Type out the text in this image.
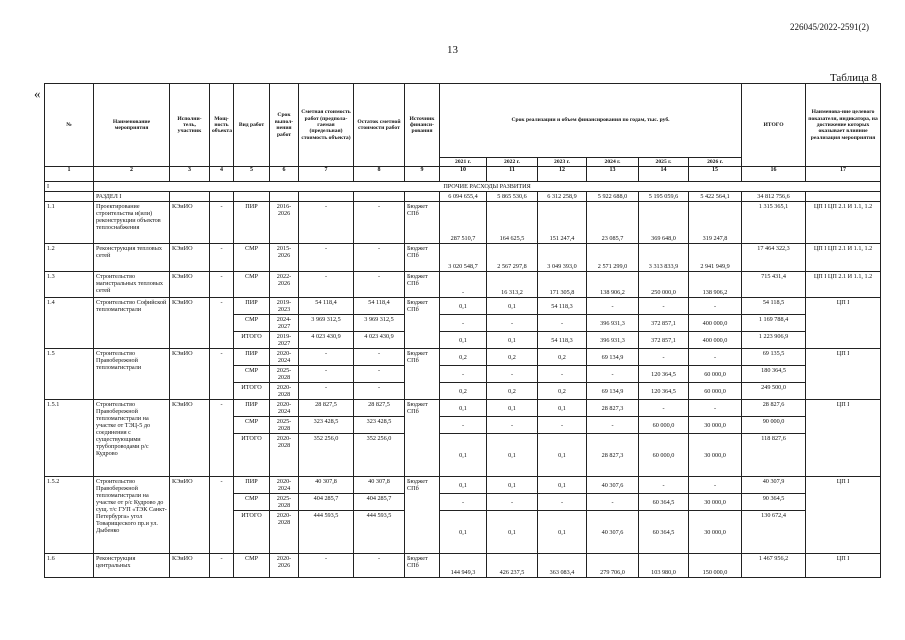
226045/2022-2591(2)
13
Таблица 8
«
№	Наименование мероприятия	Исполни-тель, участник	Мощ-ность объекта	Вид работ	Срок выпол-нения работ	Сметная стоимость работ (предпола-гаемая (предельная) стоимость объекта)	Остаток сметной стоимости работ	Источник финанси-рования	Срок реализации и объем финансирования по годам, тыс. руб.						ИТОГО	Наименова-ние целевого показателя, индикатора, на достижение которых оказывает влияние реализация мероприятия
									2021 г.	2022 г.	2023 г.	2024 г.	2025 г.	2026 г.		
1	2	3	4	5	6	7	8	9	10	11	12	13	14	15	16	17
I	ПРОЧИЕ РАСХОДЫ РАЗВИТИЯ															
	РАЗДЕЛ I								6 094 655,4	5 865 530,6	6 312 258,9	5 922 688,0	5 195 059,6	5 422 564,1	34 812 756,6	
1.1	Проектирование строительства и(или) реконструкции объектов теплоснабжения	КЭиИО	-	ПИР	2016-2026	-	-	Бюджет СПб	287 510,7	164 625,5	151 247,4	23 085,7	369 648,0	319 247,8	1 315 365,1	ЦП I ЦП 2.1 И 1.1, 1.2
1.2	Реконструкция тепловых сетей	КЭиИО	-	СМР	2015-2026	-	-	Бюджет СПб	3 020 548,7	2 567 297,8	3 049 393,0	2 571 299,0	3 313 833,9	2 941 949,9	17 464 322,3	ЦП I ЦП 2.1 И 1.1, 1.2
1.3	Строительство магистральных тепловых сетей	КЭиИО	-	СМР	2022-2026	-	-	Бюджет СПб	-	16 313,2	171 305,8	138 906,2	250 000,0	138 906,2	715 431,4	ЦП I ЦП 2.1 И 1.1, 1.2
1.4	Строительство Софийской тепломагистрали	КЭиИО	-	ПИР	2019-2023	54 118,4	54 118,4	Бюджет СПб	0,1	0,1	54 118,3	-	-	-	54 118,5	ЦП I
				СМР	2024-2027	3 969 312,5	3 969 312,5		-	-	-	396 931,3	372 857,1	400 000,0	1 169 788,4	
				ИТОГО	2019-2027	4 023 430,9	4 023 430,9		0,1	0,1	54 118,3	396 931,3	372 857,1	400 000,0	1 223 906,9	
1.5	Строительство Правобережной тепломагистрали	КЭиИО	-	ПИР	2020-2024	-	-	Бюджет СПб	0,2	0,2	0,2	69 134,9	-	-	69 135,5	ЦП I
				СМР	2025-2028	-	-		-	-	-	-	120 364,5	60 000,0	180 364,5	
				ИТОГО	2020-2028	-	-		0,2	0,2	0,2	69 134,9	120 364,5	60 000,0	249 500,0	
1.5.1	Строительство Правобережной тепломагистрали на участке от ТЭЦ-5 до соединения с существующими трубопроводами р/с Кудрово	КЭиИО	-	ПИР	2020-2024	28 827,5	28 827,5	Бюджет СПб	0,1	0,1	0,1	28 827,3	-	-	28 827,6	ЦП I
				СМР	2025-2028	323 428,5	323 428,5		-	-	-	-	60 000,0	30 000,0	90 000,0	
				ИТОГО	2020-2028	352 256,0	352 256,0		0,1	0,1	0,1	28 827,3	60 000,0	30 000,0	118 827,6	
1.5.2	Строительство Правобережной тепломагистрали на участке от р/с Кудрово до сущ. т/с ГУП «ТЭК Санкт-Петербурга» угол Товарищеского пр.и ул. Дыбенко	КЭиИО	-	ПИР	2020-2024	40 307,8	40 307,8	Бюджет СПб	0,1	0,1	0,1	40 307,6	-	-	40 307,9	ЦП I
				СМР	2025-2028	404 285,7	404 285,7		-	-	-	-	60 364,5	30 000,0	90 364,5	
				ИТОГО	2020-2028	444 593,5	444 593,5		0,1	0,1	0,1	40 307,6	60 364,5	30 000,0	130 672,4	
1.6	Реконструкция центральных	КЭиИО	-	СМР	2020-2026	-	-	Бюджет СПб	144 949,3	426 237,5	363 083,4	279 706,0	103 980,0	150 000,0	1 467 956,2	ЦП I
